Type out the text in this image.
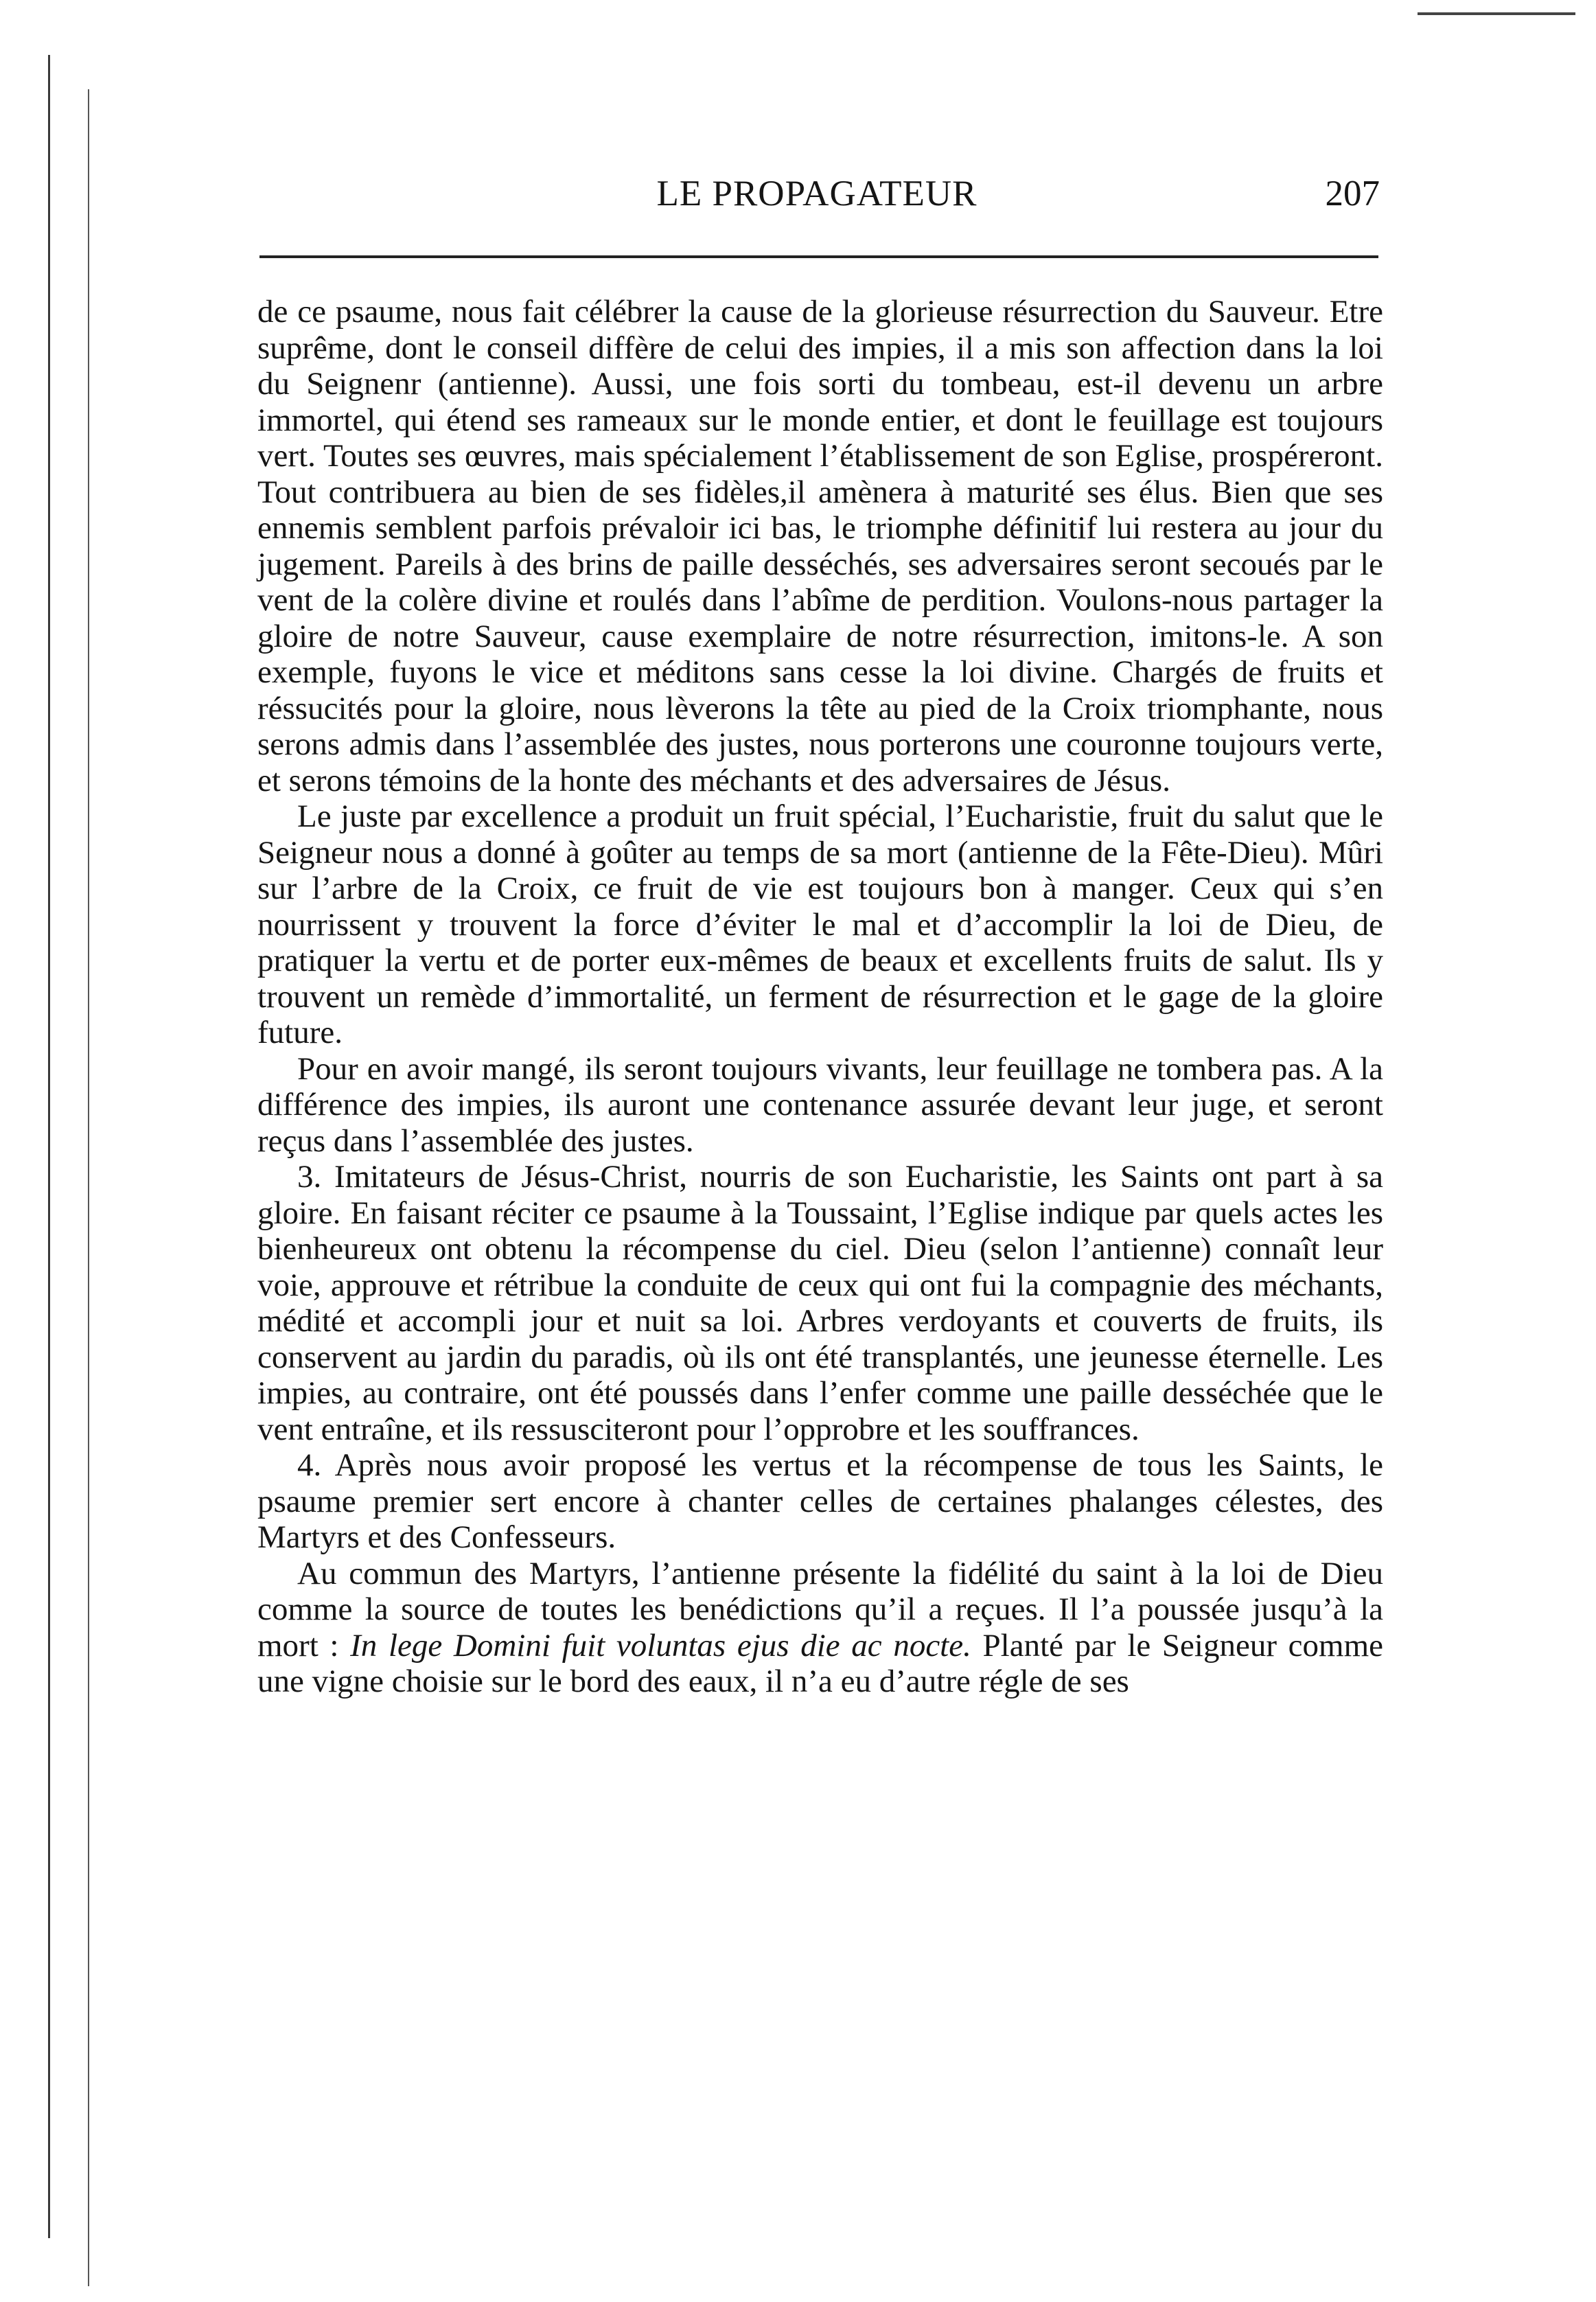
LE PROPAGATEUR	207

de ce psaume, nous fait célébrer la cause de la glorieuse résurrection du Sauveur. Etre suprême, dont le conseil diffère de celui des impies, il a mis son affection dans la loi du Seignenr (antienne). Aussi, une fois sorti du tombeau, est-il devenu un arbre immortel, qui étend ses rameaux sur le monde entier, et dont le feuillage est toujours vert. Toutes ses œuvres, mais spécialement l’établissement de son Eglise, prospéreront. Tout contribuera au bien de ses fidèles,il amènera à maturité ses élus. Bien que ses ennemis semblent parfois prévaloir ici bas, le triomphe définitif lui restera au jour du jugement. Pareils à des brins de paille desséchés, ses adversaires seront secoués par le vent de la colère divine et roulés dans l’abîme de perdition. Voulons-nous partager la gloire de notre Sauveur, cause exemplaire de notre résurrection, imitons-le. A son exemple, fuyons le vice et méditons sans cesse la loi divine. Chargés de fruits et réssucités pour la gloire, nous lèverons la tête au pied de la Croix triomphante, nous serons admis dans l’assemblée des justes, nous porterons une couronne toujours verte, et serons témoins de la honte des méchants et des adversaires de Jésus.

Le juste par excellence a produit un fruit spécial, l’Eucharistie, fruit du salut que le Seigneur nous a donné à goûter au temps de sa mort (antienne de la Fête-Dieu). Mûri sur l’arbre de la Croix, ce fruit de vie est toujours bon à manger. Ceux qui s’en nourrissent y trouvent la force d’éviter le mal et d’accomplir la loi de Dieu, de pratiquer la vertu et de porter eux-mêmes de beaux et excellents fruits de salut. Ils y trouvent un remède d’immortalité, un ferment de résurrection et le gage de la gloire future.

Pour en avoir mangé, ils seront toujours vivants, leur feuillage ne tombera pas. A la différence des impies, ils auront une contenance assurée devant leur juge, et seront reçus dans l’assemblée des justes.

3. Imitateurs de Jésus-Christ, nourris de son Eucharistie, les Saints ont part à sa gloire. En faisant réciter ce psaume à la Toussaint, l’Eglise indique par quels actes les bienheureux ont obtenu la récompense du ciel. Dieu (selon l’antienne) connaît leur voie, approuve et rétribue la conduite de ceux qui ont fui la compagnie des méchants, médité et accompli jour et nuit sa loi. Arbres verdoyants et couverts de fruits, ils conservent au jardin du paradis, où ils ont été transplantés, une jeunesse éternelle. Les impies, au contraire, ont été poussés dans l’enfer comme une paille desséchée que le vent entraîne, et ils ressusciteront pour l’opprobre et les souffrances.

4. Après nous avoir proposé les vertus et la récompense de tous les Saints, le psaume premier sert encore à chanter celles de certaines phalanges célestes, des Martyrs et des Confesseurs.

Au commun des Martyrs, l’antienne présente la fidélité du saint à la loi de Dieu comme la source de toutes les benédictions qu’il a reçues. Il l’a poussée jusqu’à la mort : In lege Domini fuit voluntas ejus die ac nocte. Planté par le Seigneur comme une vigne choisie sur le bord des eaux, il n’a eu d’autre régle de ses
